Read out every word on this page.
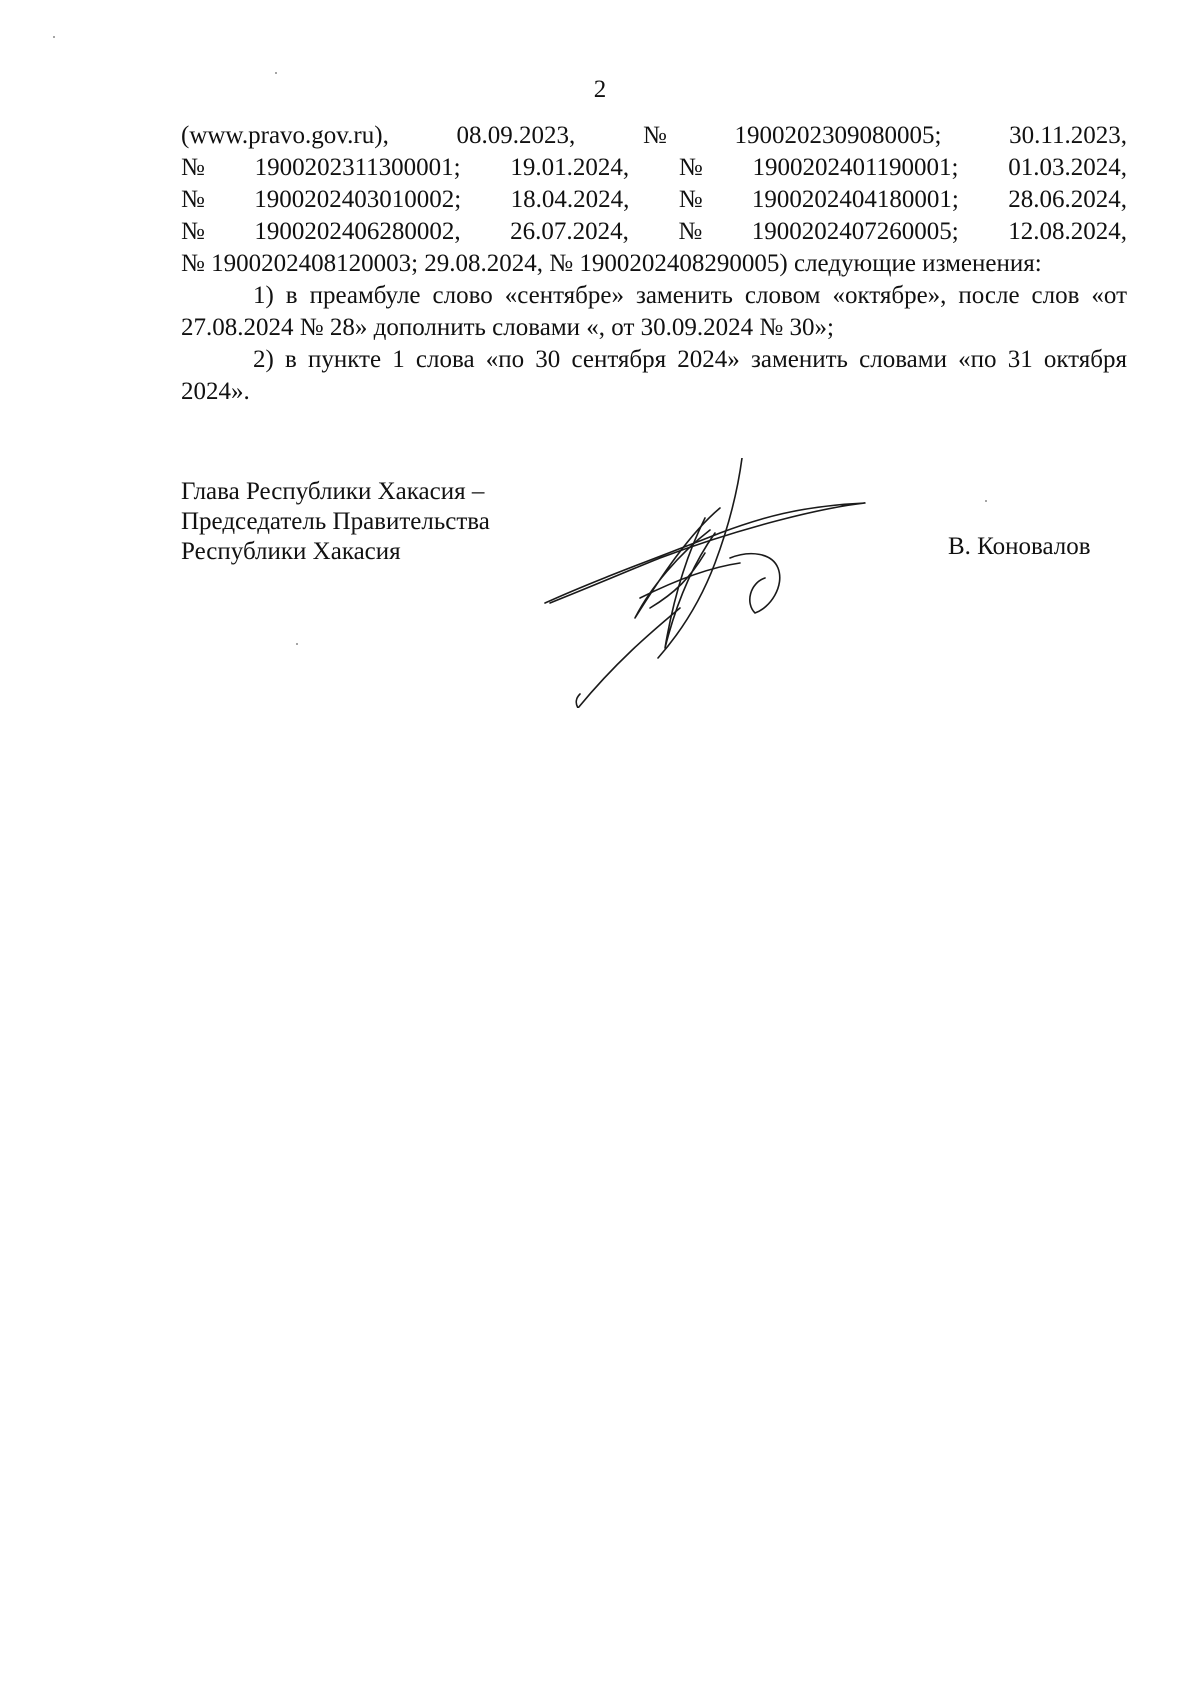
2
(www.pravo.gov.ru),	08.09.2023,	№	1900202309080005;	30.11.2023,
№ 1900202311300001; 19.01.2024, № 1900202401190001; 01.03.2024,
№ 1900202403010002; 18.04.2024, № 1900202404180001; 28.06.2024,
№ 1900202406280002, 26.07.2024, № 1900202407260005; 12.08.2024,

№ 1900202408120003; 29.08.2024, № 1900202408290005) следующие изменения:

1) в преамбуле слово «сентябре» заменить словом «октябре», после слов «от 27.08.2024 № 28» дополнить словами «, от 30.09.2024 № 30»;

2) в пункте 1 слова «по 30 сентября 2024» заменить словами «по 31 октября 2024».

Глава Республики Хакасия –
Председатель Правительства
Республики Хакасия	В. Коновалов
